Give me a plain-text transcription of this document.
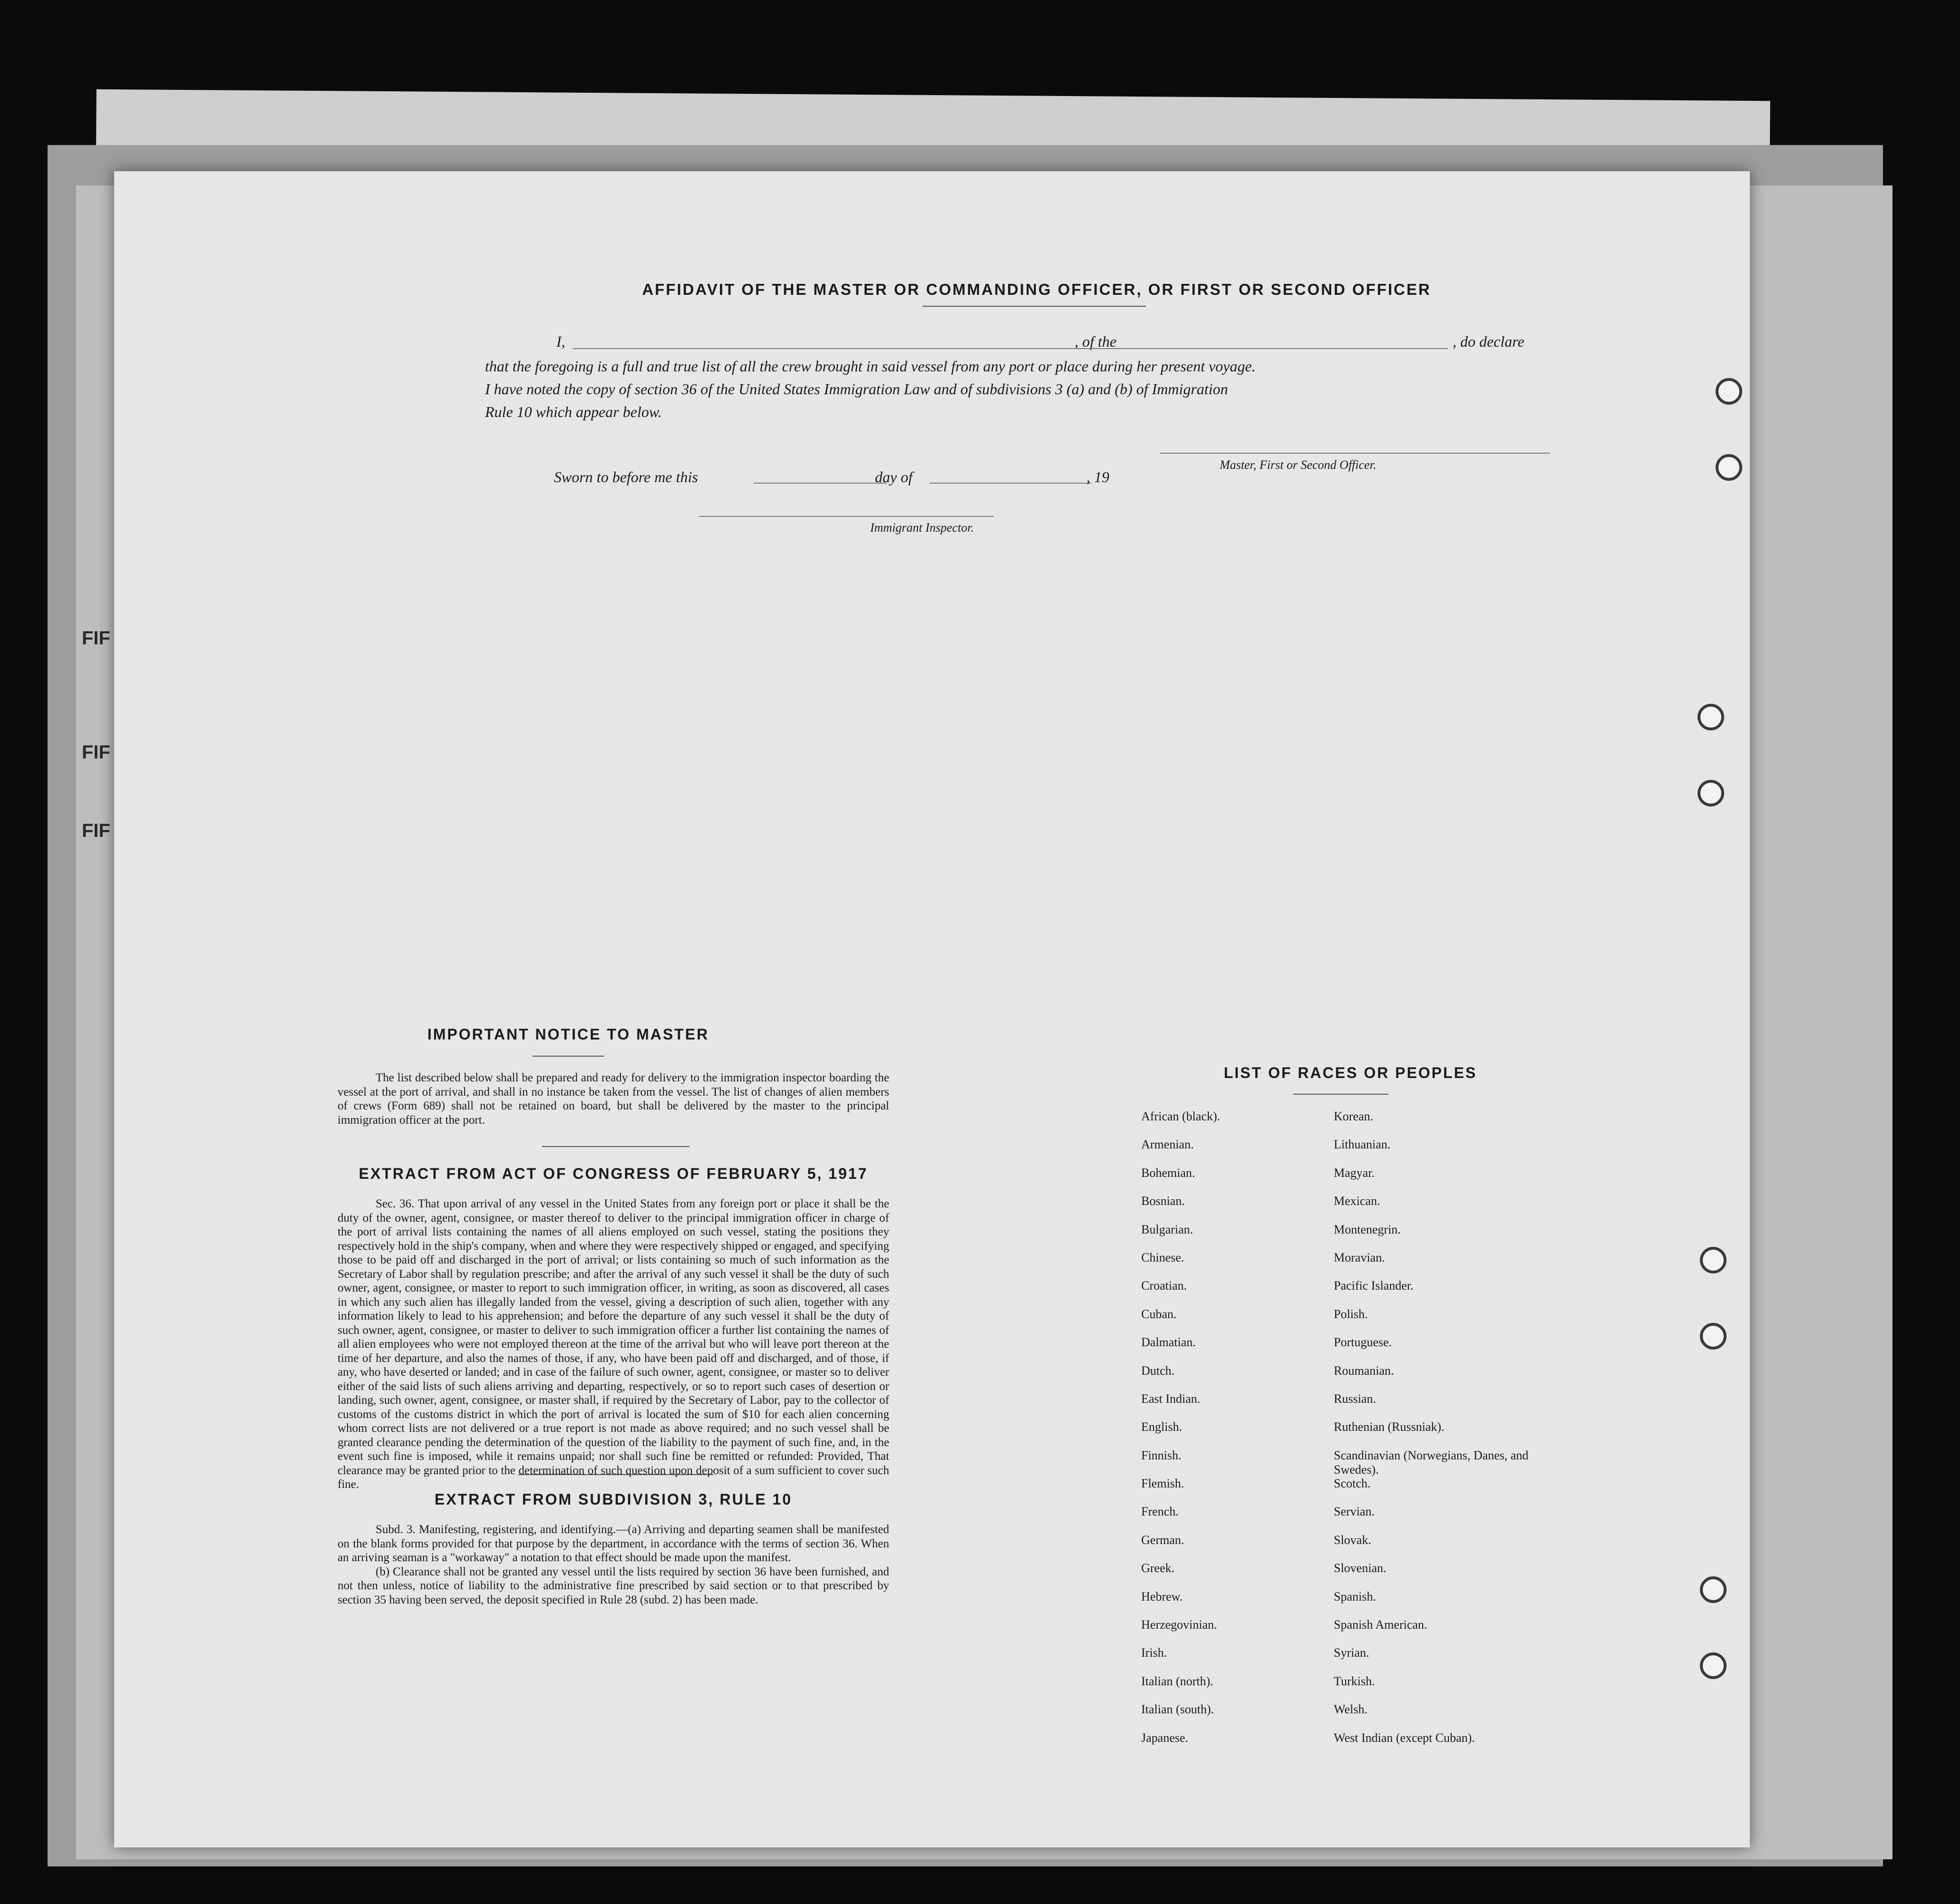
FIF
FIF
FIF
AFFIDAVIT OF THE MASTER OR COMMANDING OFFICER, OR FIRST OR SECOND OFFICER
I,	, of the	, do declare
that the foregoing is a full and true list of all the crew brought in said vessel from any port or place during her present voyage.
I have noted the copy of section 36 of the United States Immigration Law and of subdivisions 3 (a) and (b) of Immigration
Rule 10 which appear below.
Master, First or Second Officer.
Sworn to before me this	day of	, 19
Immigrant Inspector.
IMPORTANT NOTICE TO MASTER

The list described below shall be prepared and ready for delivery to the immigration inspector boarding the vessel at the port of arrival, and shall in no instance be taken from the vessel. The list of changes of alien members of crews (Form 689) shall not be retained on board, but shall be delivered by the master to the principal immigration officer at the port.

EXTRACT FROM ACT OF CONGRESS OF FEBRUARY 5, 1917

Sec. 36. That upon arrival of any vessel in the United States from any foreign port or place it shall be the duty of the owner, agent, consignee, or master thereof to deliver to the principal immigration officer in charge of the port of arrival lists containing the names of all aliens employed on such vessel, stating the positions they respectively hold in the ship's company, when and where they were respectively shipped or engaged, and specifying those to be paid off and discharged in the port of arrival; or lists containing so much of such information as the Secretary of Labor shall by regulation prescribe; and after the arrival of any such vessel it shall be the duty of such owner, agent, consignee, or master to report to such immigration officer, in writing, as soon as discovered, all cases in which any such alien has illegally landed from the vessel, giving a description of such alien, together with any information likely to lead to his apprehension; and before the departure of any such vessel it shall be the duty of such owner, agent, consignee, or master to deliver to such immigration officer a further list containing the names of all alien employees who were not employed thereon at the time of the arrival but who will leave port thereon at the time of her departure, and also the names of those, if any, who have been paid off and discharged, and of those, if any, who have deserted or landed; and in case of the failure of such owner, agent, consignee, or master so to deliver either of the said lists of such aliens arriving and departing, respectively, or so to report such cases of desertion or landing, such owner, agent, consignee, or master shall, if required by the Secretary of Labor, pay to the collector of customs of the customs district in which the port of arrival is located the sum of $10 for each alien concerning whom correct lists are not delivered or a true report is not made as above required; and no such vessel shall be granted clearance pending the determination of the question of the liability to the payment of such fine, and, in the event such fine is imposed, while it remains unpaid; nor shall such fine be remitted or refunded: Provided, That clearance may be granted prior to the determination of such question upon deposit of a sum sufficient to cover such fine.

EXTRACT FROM SUBDIVISION 3, RULE 10

Subd. 3. Manifesting, registering, and identifying.—(a) Arriving and departing seamen shall be manifested on the blank forms provided for that purpose by the department, in accordance with the terms of section 36. When an arriving seaman is a "workaway" a notation to that effect should be made upon the manifest.

(b) Clearance shall not be granted any vessel until the lists required by section 36 have been furnished, and not then unless, notice of liability to the administrative fine prescribed by said section or to that prescribed by section 35 having been served, the deposit specified in Rule 28 (subd. 2) has been made.

LIST OF RACES OR PEOPLES
African (black).
Armenian.
Bohemian.
Bosnian.
Bulgarian.
Chinese.
Croatian.
Cuban.
Dalmatian.
Dutch.
East Indian.
English.
Finnish.
Flemish.
French.
German.
Greek.
Hebrew.
Herzegovinian.
Irish.
Italian (north).
Italian (south).
Japanese.
Korean.
Lithuanian.
Magyar.
Mexican.
Montenegrin.
Moravian.
Pacific Islander.
Polish.
Portuguese.
Roumanian.
Russian.
Ruthenian (Russniak).
Scandinavian (Norwegians, Danes, and Swedes).
Scotch.
Servian.
Slovak.
Slovenian.
Spanish.
Spanish American.
Syrian.
Turkish.
Welsh.
West Indian (except Cuban).
